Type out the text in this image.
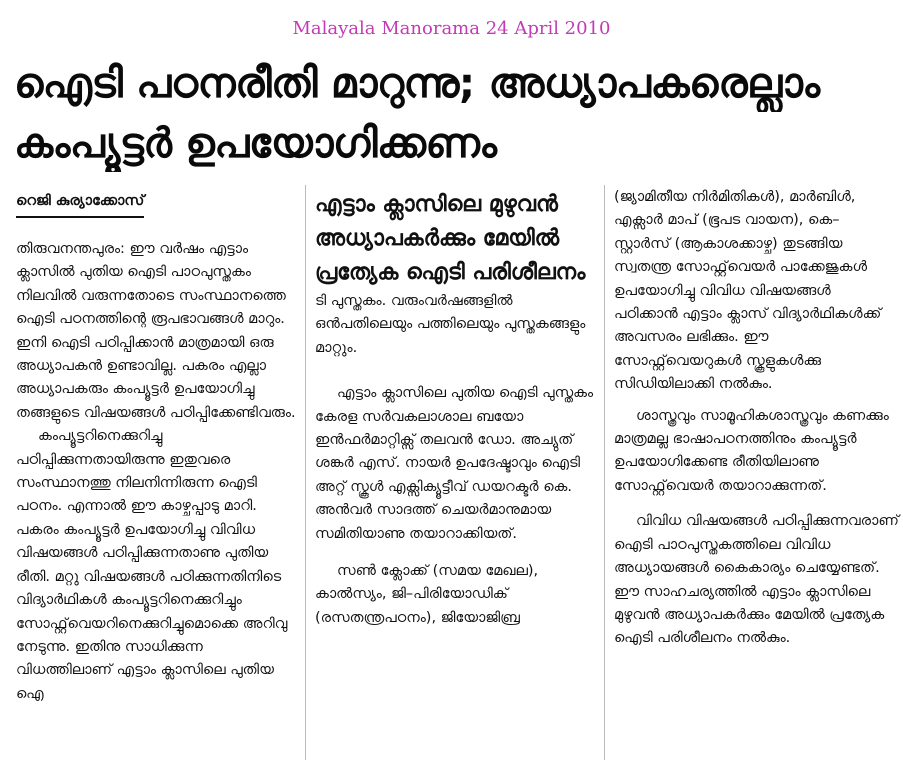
Malayala Manorama 24 April 2010
ഐടി പഠനരീതി മാറുന്നു; അധ്യാപകരെല്ലാം
കംപ്യൂട്ടർ ഉപയോഗിക്കണം
റെജി കുര്യാക്കോസ്

തിരുവനന്തപുരം: ഈ വർഷം എട്ടാം ക്ലാസിൽ പുതിയ ഐടി പാഠപുസ്തകം നിലവിൽ വരുന്നതോടെ സംസ്ഥാനത്തെ ഐടി പഠനത്തിന്റെ രൂപഭാവങ്ങൾ മാറും. ഇനി ഐടി പഠിപ്പിക്കാൻ മാത്രമായി ഒരു അധ്യാപകൻ ഉണ്ടാവില്ല. പകരം എല്ലാ അധ്യാപകരും കംപ്യൂട്ടർ ഉപയോഗിച്ചു തങ്ങളുടെ വിഷയങ്ങൾ പഠിപ്പിക്കേണ്ടിവരും.

കംപ്യൂട്ടറിനെക്കുറിച്ചു പഠിപ്പിക്കുന്നതായിരുന്നു ഇതുവരെ സംസ്ഥാനത്തു നിലനിന്നിരുന്ന ഐടി പഠനം. എന്നാൽ ഈ കാഴ്ചപ്പാടു മാറി. പകരം കംപ്യൂട്ടർ ഉപയോഗിച്ചു വിവിധ വിഷയങ്ങൾ പഠിപ്പിക്കുന്നതാണു പുതിയ രീതി. മറ്റു വിഷയങ്ങൾ പഠിക്കുന്നതിനിടെ വിദ്യാർഥികൾ കംപ്യൂട്ടറിനെക്കുറിച്ചും സോഫ്റ്റ്‌വെയറിനെക്കുറിച്ചുമൊക്കെ അറിവു നേടുന്നു. ഇതിനു സാധിക്കുന്ന വിധത്തിലാണ് എട്ടാം ക്ലാസിലെ പുതിയ ഐ

എട്ടാം ക്ലാസിലെ മുഴുവൻ അധ്യാപകർക്കും മേയിൽ പ്രത്യേക ഐടി പരിശീലനം

ടി പുസ്തകം. വരുംവർഷങ്ങളിൽ ഒൻപതിലെയും പത്തിലെയും പുസ്തകങ്ങളും മാറ്റും.

എട്ടാം ക്ലാസിലെ പുതിയ ഐടി പുസ്തകം കേരള സർവകലാശാല ബയോ ഇൻഫർമാറ്റിക്സ് തലവൻ ഡോ. അച്യുത് ശങ്കർ എസ്. നായർ ഉപദേഷ്ടാവും ഐടി അറ്റ് സ്കൂൾ എക്സിക്യൂട്ടീവ് ഡയറക്ടർ കെ. അൻവർ സാദത്ത് ചെയർമാനുമായ സമിതിയാണു തയാറാക്കിയത്.

സൺ ക്ലോക്ക് (സമയ മേഖല), കാൽസ്യം, ജി–പിരിയോഡിക് (രസതന്ത്രപഠനം), ജിയോജിബ്ര

(ജ്യാമിതീയ നിർമിതികൾ), മാർബിൾ, എക്സാർ മാപ് (ഭൂപട വായന), കെ– സ്റ്റാർസ് (ആകാശക്കാഴ്ച) തുടങ്ങിയ സ്വതന്ത്ര സോഫ്റ്റ്‌വെയർ പാക്കേജുകൾ ഉപയോഗിച്ചു വിവിധ വിഷയങ്ങൾ പഠിക്കാൻ എട്ടാം ക്ലാസ് വിദ്യാർഥികൾക്ക് അവസരം ലഭിക്കും. ഈ സോഫ്റ്റ്‌വെയറുകൾ സ്കൂളുകൾക്കു സിഡിയിലാക്കി നൽകും.

ശാസ്ത്രവും സാമൂഹികശാസ്ത്രവും കണക്കും മാത്രമല്ല ഭാഷാപഠനത്തിനും കംപ്യൂട്ടർ ഉപയോഗിക്കേണ്ട രീതിയിലാണു സോഫ്റ്റ്‌വെയർ തയാറാക്കുന്നത്.

വിവിധ വിഷയങ്ങൾ പഠിപ്പിക്കുന്നവരാണ് ഐടി പാഠപുസ്തകത്തിലെ വിവിധ അധ്യായങ്ങൾ കൈകാര്യം ചെയ്യേണ്ടത്. ഈ സാഹചര്യത്തിൽ എട്ടാം ക്ലാസിലെ മുഴുവൻ അധ്യാപകർക്കും മേയിൽ പ്രത്യേക ഐടി പരിശീലനം നൽകും.
